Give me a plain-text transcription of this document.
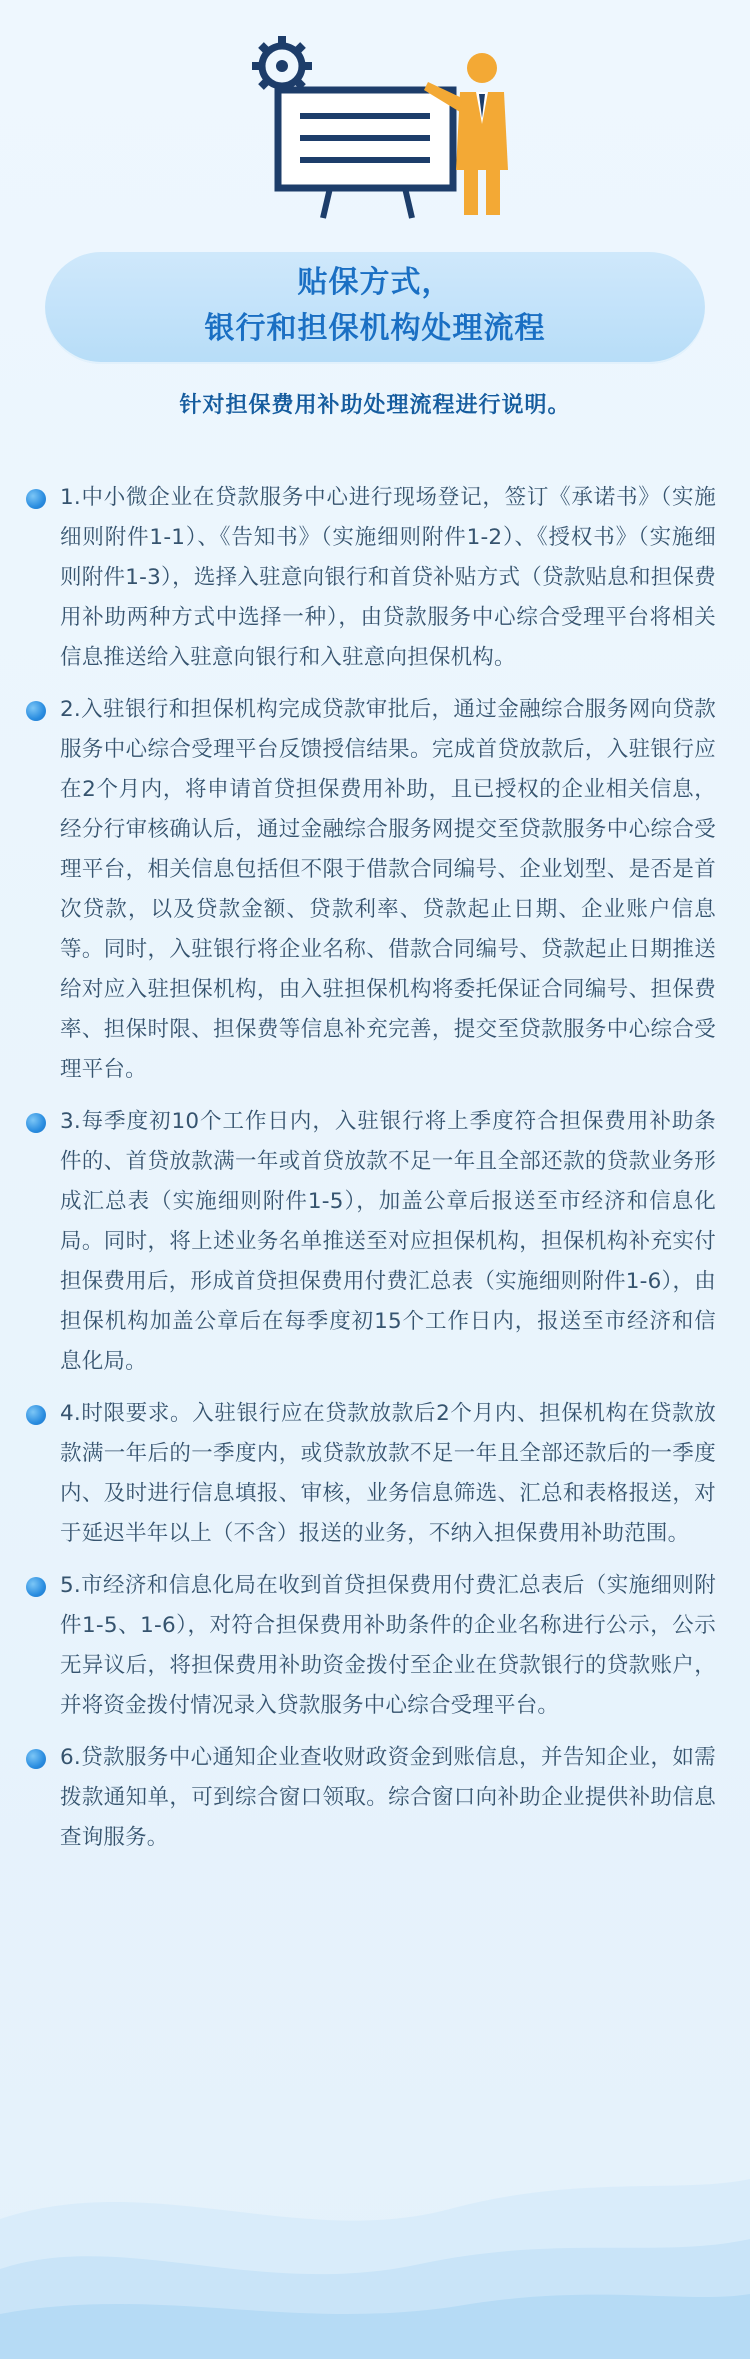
贴保方式，
银行和担保机构处理流程
针对担保费用补助处理流程进行说明。
1.中小微企业在贷款服务中心进行现场登记，签订《承诺书》（实施细则附件1-1）、《告知书》（实施细则附件1-2）、《授权书》（实施细则附件1-3），选择入驻意向银行和首贷补贴方式（贷款贴息和担保费用补助两种方式中选择一种），由贷款服务中心综合受理平台将相关信息推送给入驻意向银行和入驻意向担保机构。
2.入驻银行和担保机构完成贷款审批后，通过金融综合服务网向贷款服务中心综合受理平台反馈授信结果。完成首贷放款后，入驻银行应在2个月内，将申请首贷担保费用补助，且已授权的企业相关信息，经分行审核确认后，通过金融综合服务网提交至贷款服务中心综合受理平台，相关信息包括但不限于借款合同编号、企业划型、是否是首次贷款，以及贷款金额、贷款利率、贷款起止日期、企业账户信息等。同时，入驻银行将企业名称、借款合同编号、贷款起止日期推送给对应入驻担保机构，由入驻担保机构将委托保证合同编号、担保费率、担保时限、担保费等信息补充完善，提交至贷款服务中心综合受理平台。
3.每季度初10个工作日内，入驻银行将上季度符合担保费用补助条件的、首贷放款满一年或首贷放款不足一年且全部还款的贷款业务形成汇总表（实施细则附件1-5），加盖公章后报送至市经济和信息化局。同时，将上述业务名单推送至对应担保机构，担保机构补充实付担保费用后，形成首贷担保费用付费汇总表（实施细则附件1-6），由担保机构加盖公章后在每季度初15个工作日内，报送至市经济和信息化局。
4.时限要求。入驻银行应在贷款放款后2个月内、担保机构在贷款放款满一年后的一季度内，或贷款放款不足一年且全部还款后的一季度内、及时进行信息填报、审核，业务信息筛选、汇总和表格报送，对于延迟半年以上（不含）报送的业务，不纳入担保费用补助范围。
5.市经济和信息化局在收到首贷担保费用付费汇总表后（实施细则附件1-5、1-6），对符合担保费用补助条件的企业名称进行公示，公示无异议后，将担保费用补助资金拨付至企业在贷款银行的贷款账户，并将资金拨付情况录入贷款服务中心综合受理平台。
6.贷款服务中心通知企业查收财政资金到账信息，并告知企业，如需拨款通知单，可到综合窗口领取。综合窗口向补助企业提供补助信息查询服务。
